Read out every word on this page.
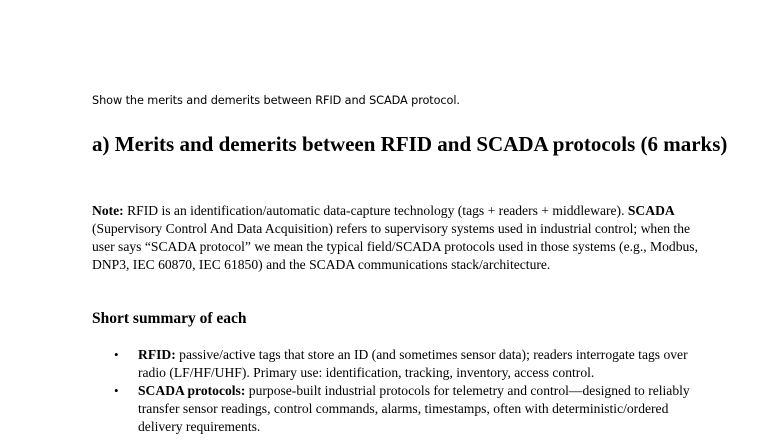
Show the merits and demerits between RFID and SCADA protocol.
a) Merits and demerits between RFID and SCADA protocols (6 marks)

Note: RFID is an identification/automatic data-capture technology (tags + readers + middleware). SCADA (Supervisory Control And Data Acquisition) refers to supervisory systems used in industrial control; when the user says “SCADA protocol” we mean the typical field/SCADA protocols used in those systems (e.g., Modbus, DNP3, IEC 60870, IEC 61850) and the SCADA communications stack/architecture.

Short summary of each
• RFID: passive/active tags that store an ID (and sometimes sensor data); readers interrogate tags over radio (LF/HF/UHF). Primary use: identification, tracking, inventory, access control.
• SCADA protocols: purpose-built industrial protocols for telemetry and control—designed to reliably transfer sensor readings, control commands, alarms, timestamps, often with deterministic/ordered delivery requirements.
